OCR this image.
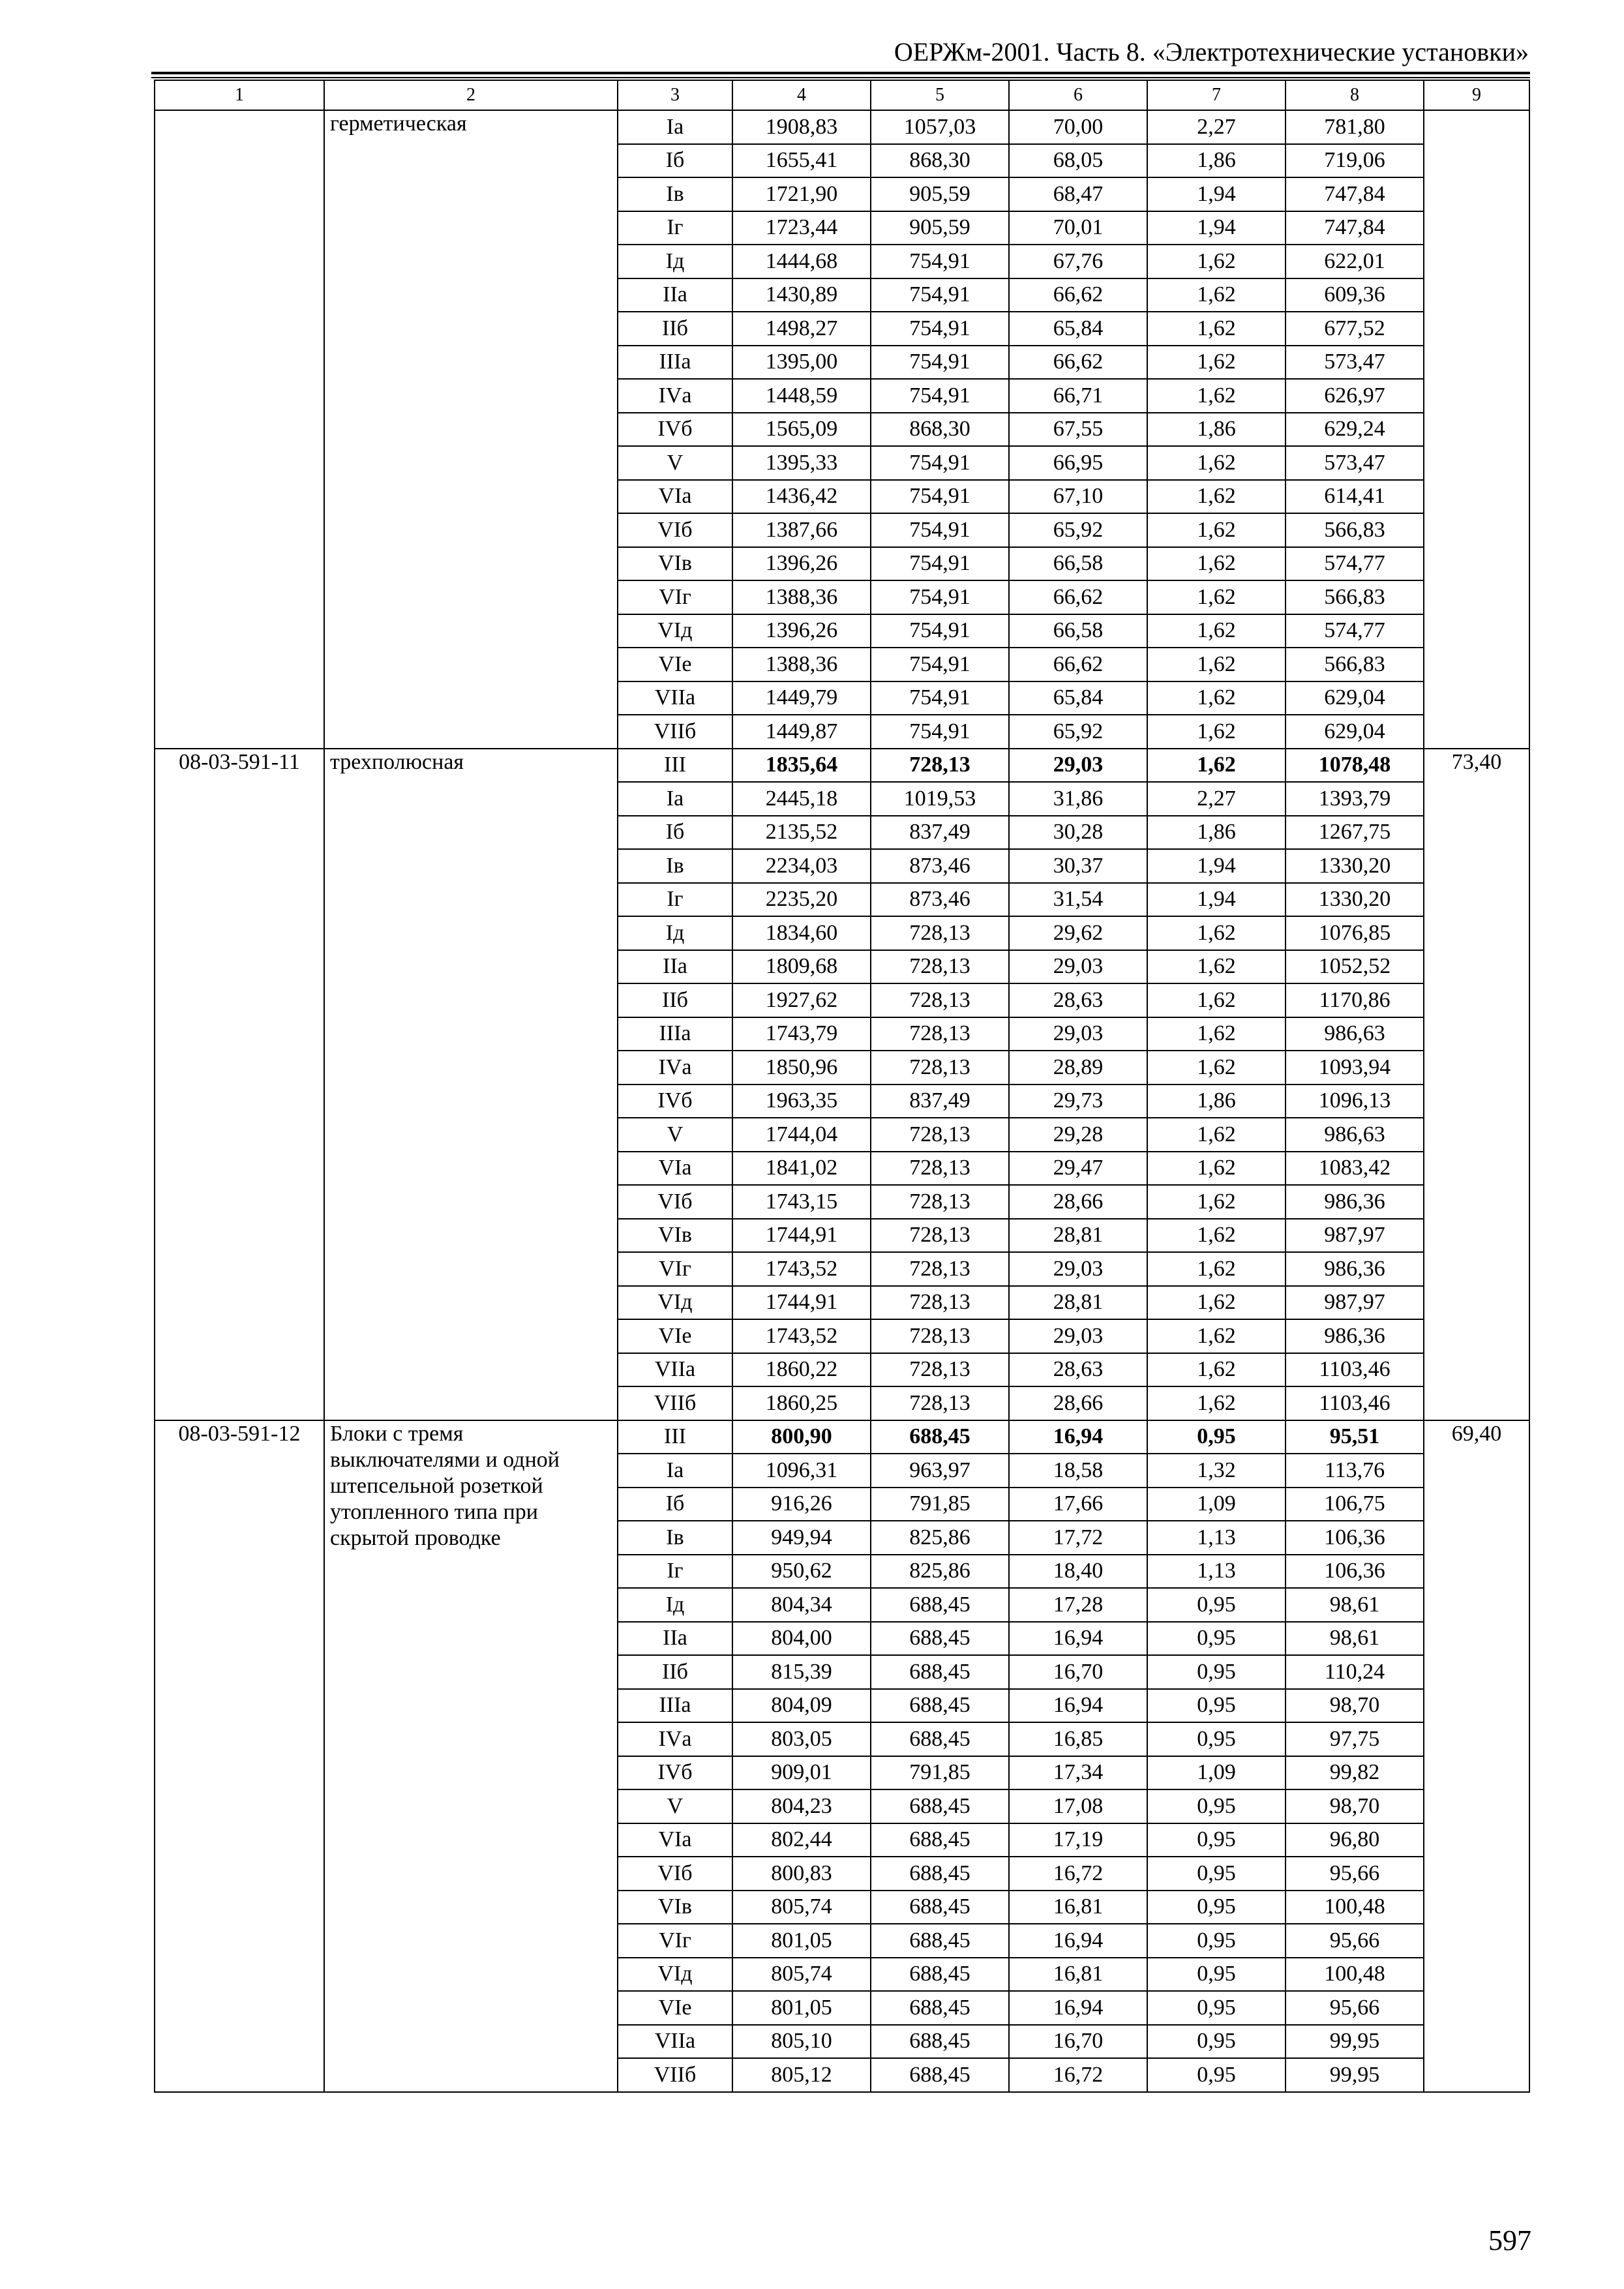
ОЕРЖм-2001. Часть 8. «Электротехнические установки»
1	2	3	4	5	6	7	8	9
	герметическая	Iа	1908,83	1057,03	70,00	2,27	781,80	
		Iб	1655,41	868,30	68,05	1,86	719,06	
		Iв	1721,90	905,59	68,47	1,94	747,84	
		Iг	1723,44	905,59	70,01	1,94	747,84	
		Iд	1444,68	754,91	67,76	1,62	622,01	
		IIа	1430,89	754,91	66,62	1,62	609,36	
		IIб	1498,27	754,91	65,84	1,62	677,52	
		IIIа	1395,00	754,91	66,62	1,62	573,47	
		IVа	1448,59	754,91	66,71	1,62	626,97	
		IVб	1565,09	868,30	67,55	1,86	629,24	
		V	1395,33	754,91	66,95	1,62	573,47	
		VIа	1436,42	754,91	67,10	1,62	614,41	
		VIб	1387,66	754,91	65,92	1,62	566,83	
		VIв	1396,26	754,91	66,58	1,62	574,77	
		VIг	1388,36	754,91	66,62	1,62	566,83	
		VIд	1396,26	754,91	66,58	1,62	574,77	
		VIе	1388,36	754,91	66,62	1,62	566,83	
		VIIа	1449,79	754,91	65,84	1,62	629,04	
		VIIб	1449,87	754,91	65,92	1,62	629,04	
08-03-591-11	трехполюсная	III	1835,64	728,13	29,03	1,62	1078,48	73,40
		Iа	2445,18	1019,53	31,86	2,27	1393,79	
		Iб	2135,52	837,49	30,28	1,86	1267,75	
		Iв	2234,03	873,46	30,37	1,94	1330,20	
		Iг	2235,20	873,46	31,54	1,94	1330,20	
		Iд	1834,60	728,13	29,62	1,62	1076,85	
		IIа	1809,68	728,13	29,03	1,62	1052,52	
		IIб	1927,62	728,13	28,63	1,62	1170,86	
		IIIа	1743,79	728,13	29,03	1,62	986,63	
		IVа	1850,96	728,13	28,89	1,62	1093,94	
		IVб	1963,35	837,49	29,73	1,86	1096,13	
		V	1744,04	728,13	29,28	1,62	986,63	
		VIа	1841,02	728,13	29,47	1,62	1083,42	
		VIб	1743,15	728,13	28,66	1,62	986,36	
		VIв	1744,91	728,13	28,81	1,62	987,97	
		VIг	1743,52	728,13	29,03	1,62	986,36	
		VIд	1744,91	728,13	28,81	1,62	987,97	
		VIе	1743,52	728,13	29,03	1,62	986,36	
		VIIа	1860,22	728,13	28,63	1,62	1103,46	
		VIIб	1860,25	728,13	28,66	1,62	1103,46	
08-03-591-12	Блоки с тремя выключателями и одной штепсельной розеткой утопленного типа при скрытой проводке	III	800,90	688,45	16,94	0,95	95,51	69,40
		Iа	1096,31	963,97	18,58	1,32	113,76	
		Iб	916,26	791,85	17,66	1,09	106,75	
		Iв	949,94	825,86	17,72	1,13	106,36	
		Iг	950,62	825,86	18,40	1,13	106,36	
		Iд	804,34	688,45	17,28	0,95	98,61	
		IIа	804,00	688,45	16,94	0,95	98,61	
		IIб	815,39	688,45	16,70	0,95	110,24	
		IIIа	804,09	688,45	16,94	0,95	98,70	
		IVа	803,05	688,45	16,85	0,95	97,75	
		IVб	909,01	791,85	17,34	1,09	99,82	
		V	804,23	688,45	17,08	0,95	98,70	
		VIа	802,44	688,45	17,19	0,95	96,80	
		VIб	800,83	688,45	16,72	0,95	95,66	
		VIв	805,74	688,45	16,81	0,95	100,48	
		VIг	801,05	688,45	16,94	0,95	95,66	
		VIд	805,74	688,45	16,81	0,95	100,48	
		VIе	801,05	688,45	16,94	0,95	95,66	
		VIIа	805,10	688,45	16,70	0,95	99,95	
		VIIб	805,12	688,45	16,72	0,95	99,95	
597
